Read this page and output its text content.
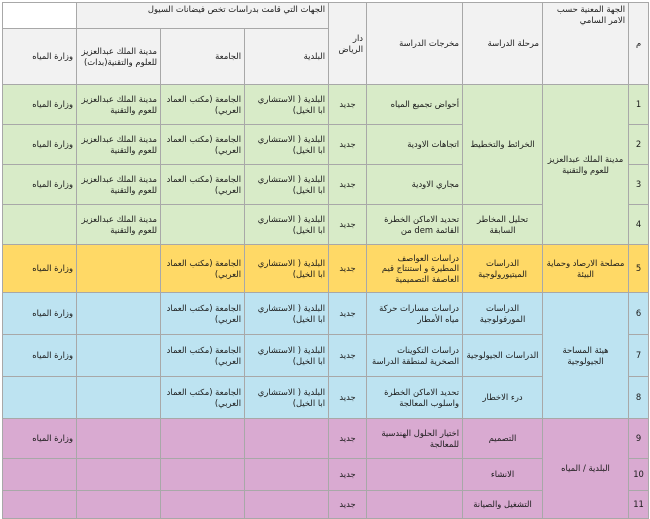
م	الجهة المعنية حسب الامر السامي	مرحلة الدراسة	مخرجات الدراسة	دار الرياض	الجهات التي قامت بدراسات تخص فيضانات السيول			
					البلدية	الجامعة	مدينة الملك عبدالعزيز للعلوم والتقنية(بدات)	وزارة المياه
1	مدينة الملك عبدالعزيز للعوم والتقنية	الخرائط والتخطيط	أحواض تجميع المياه	جديد	البلدية ( الاستشاري ابا الخيل)	الجامعة (مكتب العماد العربي)	مدينة الملك عبدالعزيز للعوم والتقنية	وزارة المياه
2			اتجاهات الاودية	جديد	البلدية ( الاستشاري ابا الخيل)	الجامعة (مكتب العماد العربي)	مدينة الملك عبدالعزيز للعوم والتقنية	وزارة المياه
3			مجاري الاودية	جديد	البلدية ( الاستشاري ابا الخيل)	الجامعة (مكتب العماد العربي)	مدينة الملك عبدالعزيز للعوم والتقنية	وزارة المياه
4		تحليل المخاطر السابقة	تحديد الاماكن الخطرة القائمة dem من	جديد	البلدية ( الاستشاري ابا الخيل)		مدينة الملك عبدالعزيز للعوم والتقنية	
5	مصلحة الارصاد وحماية البيئة	الدراسات الميتيورولوجية	دراسات العواصف المطيرة و استنتاج قيم العاصفة التصميمية	جديد	البلدية ( الاستشاري ابا الخيل)	الجامعة (مكتب العماد العربي)		وزارة المياه
6	هيئة المساحة الجيولوجية	الدراسات المورفولوجية	دراسات مسارات حركة مياه الأمطار	جديد	البلدية ( الاستشاري ابا الخيل)	الجامعة (مكتب العماد العربي)		وزارة المياه
7		الدراسات الجيولوجية	دراسات التكوينات الصخرية لمنطقة الدراسة	جديد	البلدية ( الاستشاري ابا الخيل)	الجامعة (مكتب العماد العربي)		وزارة المياه
8		درء الاخطار	تحديد الاماكن الخطرة واسلوب المعالجة	جديد	البلدية ( الاستشاري ابا الخيل)	الجامعة (مكتب العماد العربي)		
9	البلدية / المياه	التصميم	اختيار الحلول الهندسية للمعالجة	جديد				وزارة المياه
10		الانشاء		جديد				
11		التشغيل والصيانة		جديد				
